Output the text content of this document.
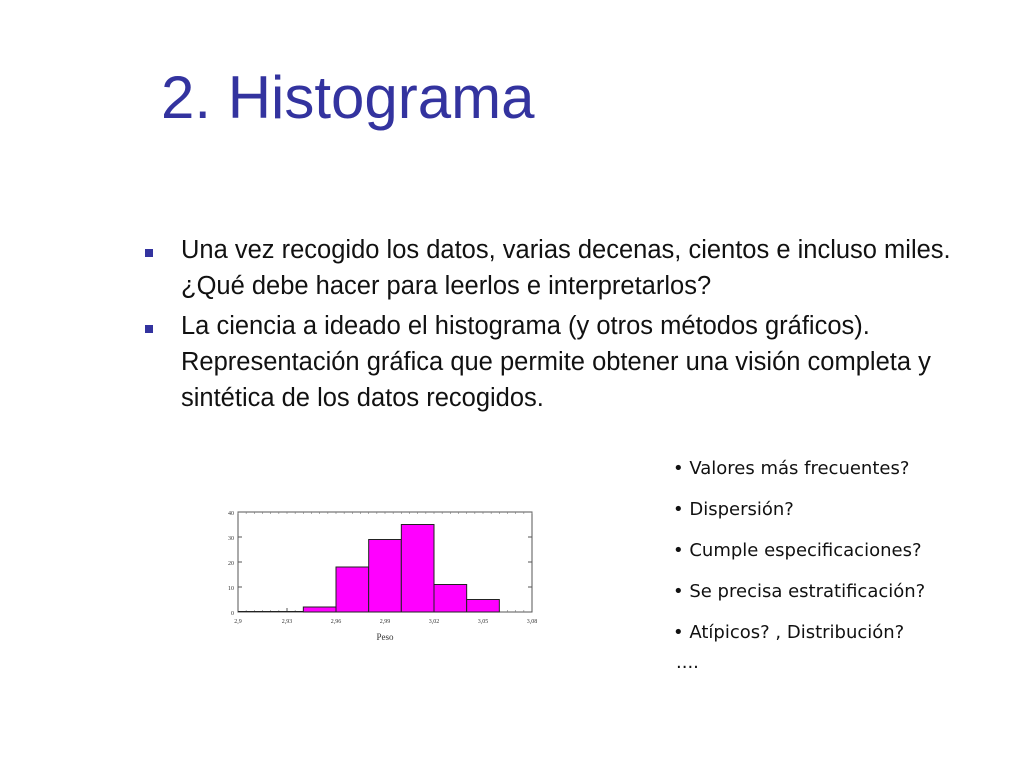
2. Histograma
Una vez recogido los datos, varias decenas, cientos e incluso miles. ¿Qué debe hacer para leerlos e interpretarlos?
La ciencia a ideado el histograma (y otros métodos gráficos). Representación gráfica que permite obtener una visión completa y sintética de los datos recogidos.
0
10
20
30
40
2,9	2,93	2,96	2,99	3,02	3,05	3,08
Peso
• Valores más frecuentes?
• Dispersión?
• Cumple especificaciones?
• Se precisa estratificación?
• Atípicos? , Distribución?
....
